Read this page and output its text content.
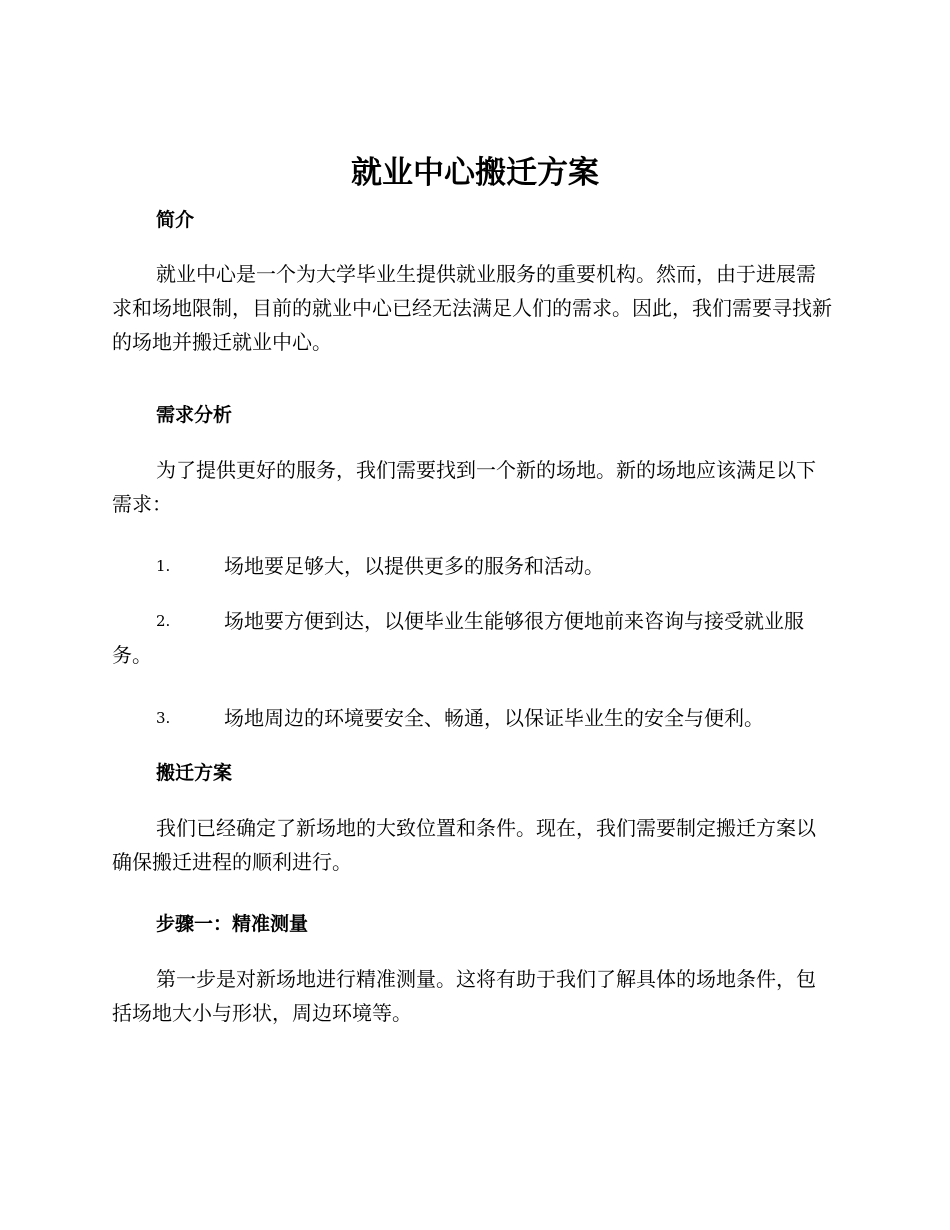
就业中心搬迁方案
简介

就业中心是一个为大学毕业生提供就业服务的重要机构。然而，由于进展需求和场地限制，目前的就业中心已经无法满足人们的需求。因此，我们需要寻找新的场地并搬迁就业中心。

需求分析

为了提供更好的服务，我们需要找到一个新的场地。新的场地应该满足以下需求：

1.	场地要足够大，以提供更多的服务和活动。
2.	场地要方便到达，以便毕业生能够很方便地前来咨询与接受就业服务。
3.	场地周边的环境要安全、畅通，以保证毕业生的安全与便利。
搬迁方案

我们已经确定了新场地的大致位置和条件。现在，我们需要制定搬迁方案以确保搬迁进程的顺利进行。

步骤一：精准测量

第一步是对新场地进行精准测量。这将有助于我们了解具体的场地条件，包括场地大小与形状，周边环境等。
